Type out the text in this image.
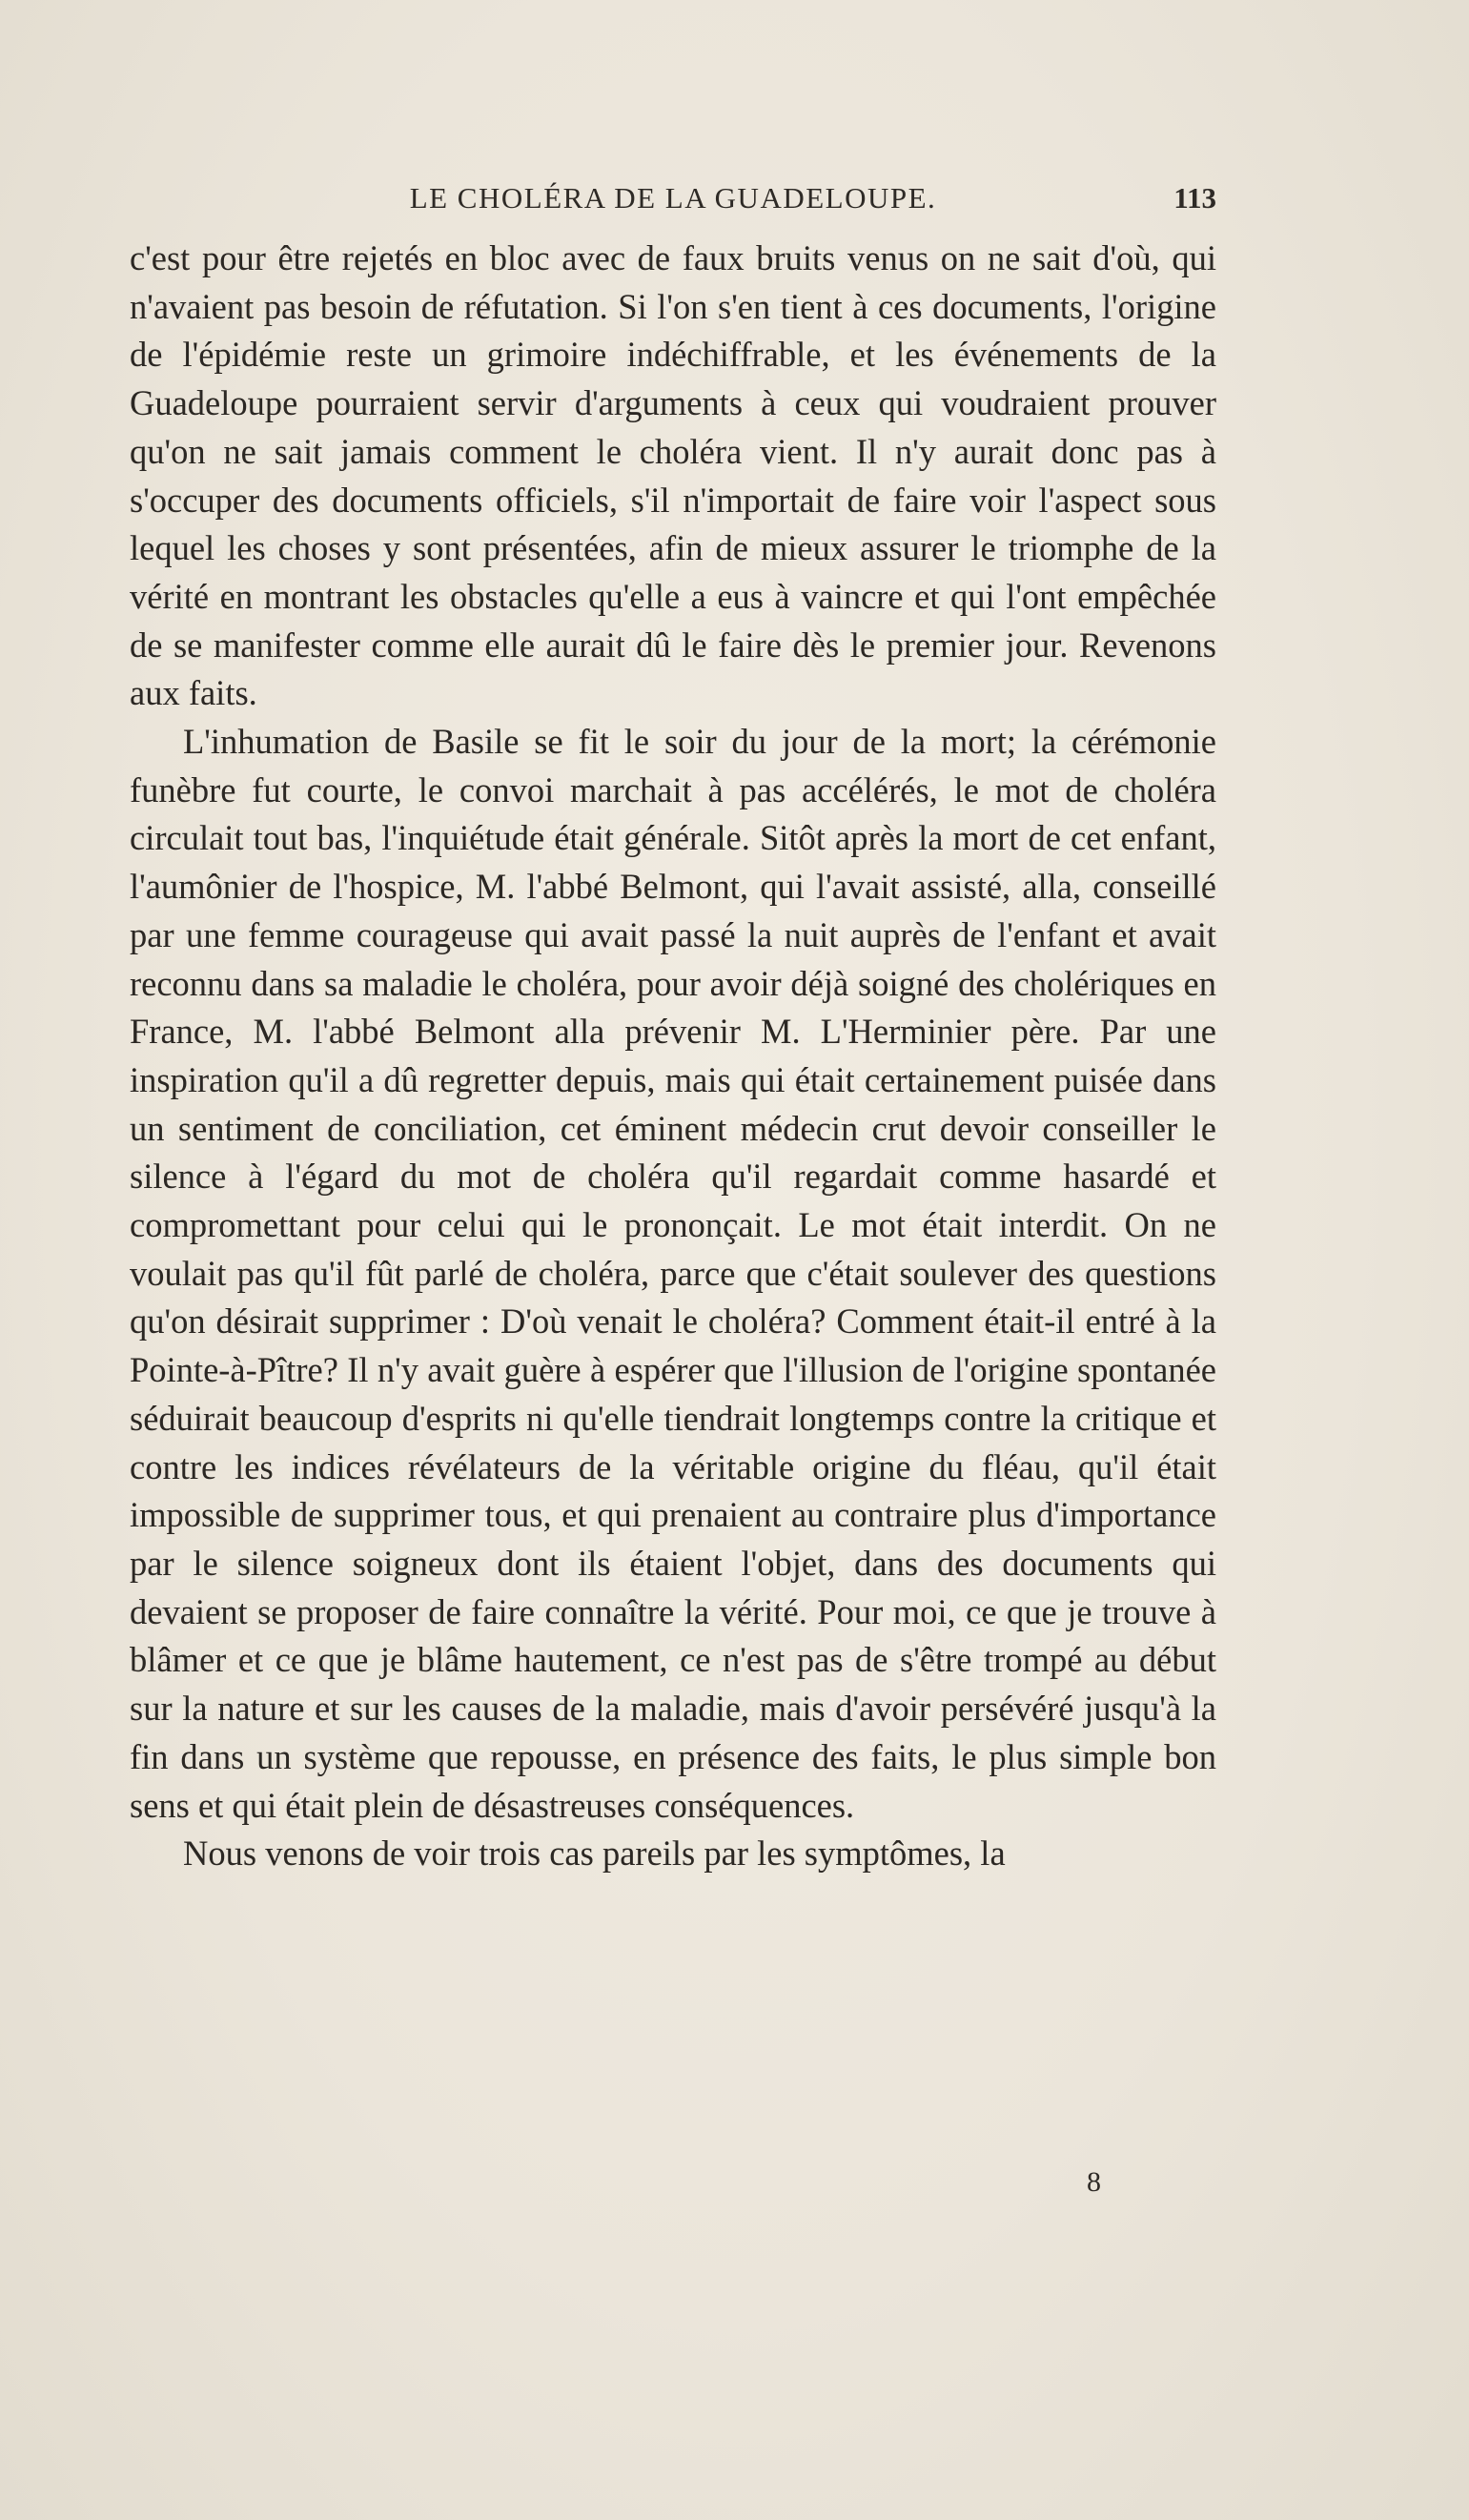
LE CHOLÉRA DE LA GUADELOUPE.	113

c'est pour être rejetés en bloc avec de faux bruits venus on ne sait d'où, qui n'avaient pas besoin de réfutation. Si l'on s'en tient à ces documents, l'origine de l'épidémie reste un grimoire indéchiffrable, et les événements de la Guadeloupe pourraient servir d'arguments à ceux qui voudraient prouver qu'on ne sait jamais comment le choléra vient. Il n'y aurait donc pas à s'occuper des documents officiels, s'il n'importait de faire voir l'aspect sous lequel les choses y sont présentées, afin de mieux assurer le triomphe de la vérité en montrant les obstacles qu'elle a eus à vaincre et qui l'ont empêchée de se manifester comme elle aurait dû le faire dès le premier jour. Revenons aux faits.

L'inhumation de Basile se fit le soir du jour de la mort; la cérémonie funèbre fut courte, le convoi marchait à pas accélérés, le mot de choléra circulait tout bas, l'inquiétude était générale. Sitôt après la mort de cet enfant, l'aumônier de l'hospice, M. l'abbé Belmont, qui l'avait assisté, alla, conseillé par une femme courageuse qui avait passé la nuit auprès de l'enfant et avait reconnu dans sa maladie le choléra, pour avoir déjà soigné des cholériques en France, M. l'abbé Belmont alla prévenir M. L'Herminier père. Par une inspiration qu'il a dû regretter depuis, mais qui était certainement puisée dans un sentiment de conciliation, cet éminent médecin crut devoir conseiller le silence à l'égard du mot de choléra qu'il regardait comme hasardé et compromettant pour celui qui le prononçait. Le mot était interdit. On ne voulait pas qu'il fût parlé de choléra, parce que c'était soulever des questions qu'on désirait supprimer : D'où venait le choléra? Comment était-il entré à la Pointe-à-Pître? Il n'y avait guère à espérer que l'illusion de l'origine spontanée séduirait beaucoup d'esprits ni qu'elle tiendrait longtemps contre la critique et contre les indices révélateurs de la véritable origine du fléau, qu'il était impossible de supprimer tous, et qui prenaient au contraire plus d'importance par le silence soigneux dont ils étaient l'objet, dans des documents qui devaient se proposer de faire connaître la vérité. Pour moi, ce que je trouve à blâmer et ce que je blâme hautement, ce n'est pas de s'être trompé au début sur la nature et sur les causes de la maladie, mais d'avoir persévéré jusqu'à la fin dans un système que repousse, en présence des faits, le plus simple bon sens et qui était plein de désastreuses conséquences.

Nous venons de voir trois cas pareils par les symptômes, la

8
